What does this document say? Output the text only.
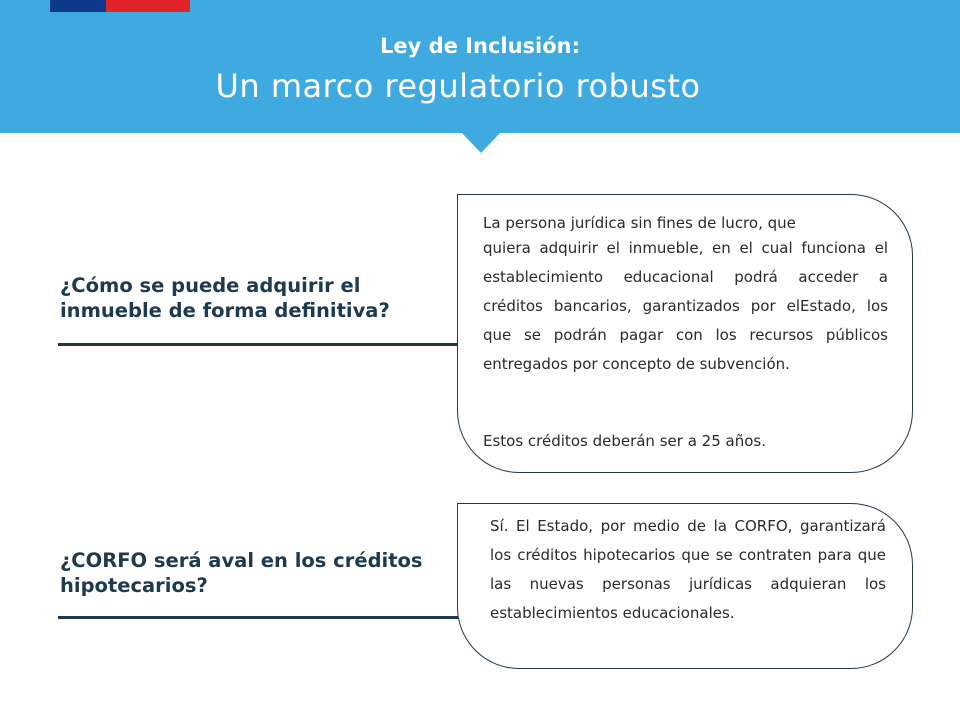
Ley de Inclusión:
Un marco regulatorio robusto
¿Cómo se puede adquirir el inmueble de forma definitiva?
La persona jurídica sin fines de lucro, que
quiera adquirir el inmueble, en el cual funciona el establecimiento educacional podrá acceder a créditos bancarios, garantizados por elEstado, los que se podrán pagar con los recursos públicos entregados por concepto de subvención.
Estos créditos deberán ser a 25 años.
¿CORFO será aval en los créditos hipotecarios?
Sí. El Estado, por medio de la CORFO, garantizará los créditos hipotecarios que se contraten para que las nuevas personas jurídicas adquieran los establecimientos educacionales.
